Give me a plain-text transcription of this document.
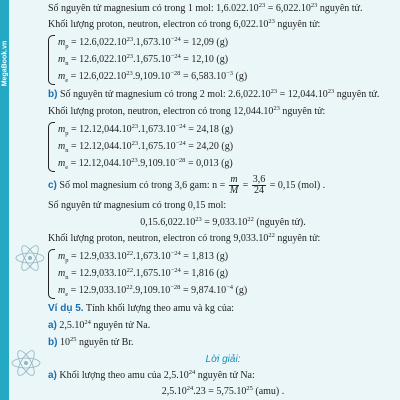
MegaBook.vn
Số nguyên tử magnesium có trong 1 mol: $1,6.022.10^{23} = 6,022.10^{23}$ nguyên tử.
Khối lượng proton, neutron, electron có trong 6,022.10$^{23}$ nguyên tử:
$m_p = 12.6,022.10^{23}.1,673.10^{-24} = 12,09$ (g)
$m_n = 12.6,022.10^{23}.1,675.10^{-24} = 12,10$ (g)
$m_e = 12.6,022.10^{23}.9,109.10^{-28} = 6,583.10^{-3}$ (g)
b) Số nguyên tử magnesium có trong 2 mol: $2.6,022.10^{23} = 12,044.10^{23}$ nguyên tử.
Khối lượng proton, neutron, electron có trong 12,044.10$^{23}$ nguyên tử:
$m_p = 12.12,044.10^{23}.1,673.10^{-24} = 24,18$ (g)
$m_n = 12.12,044.10^{23}.1,675.10^{-24} = 24,20$ (g)
$m_e = 12.12,044.10^{23}.9,109.10^{-28} = 0,013$ (g)
c) Số mol magnesium có trong 3,6 gam: $n = \frac{m}{M} = \frac{3,6}{24} = 0,15$ (mol) .
Số nguyên tử magnesium có trong 0,15 mol:
$0,15.6,022.10^{23} = 9,033.10^{22}$ (nguyên tử).
Khối lượng proton, neutron, electron có trong 9,033.10$^{22}$ nguyên tử:
$m_p = 12.9,033.10^{22}.1,673.10^{-24} = 1,813$ (g)
$m_n = 12.9,033.10^{22}.1,675.10^{-24} = 1,816$ (g)
$m_e = 12.9,033.10^{22}.9,109.10^{-28} = 9,874.10^{-4}$ (g)
Ví dụ 5. Tính khối lượng theo amu và kg của:
a) 2,5.10$^{24}$ nguyên tử Na.
b) $10^{25}$ nguyên tử Br.
Lời giải:
a) Khối lượng theo amu của 2,5.10$^{24}$ nguyên tử Na:
$2,5.10^{24}.23 = 5,75.10^{25}$ (amu) .
